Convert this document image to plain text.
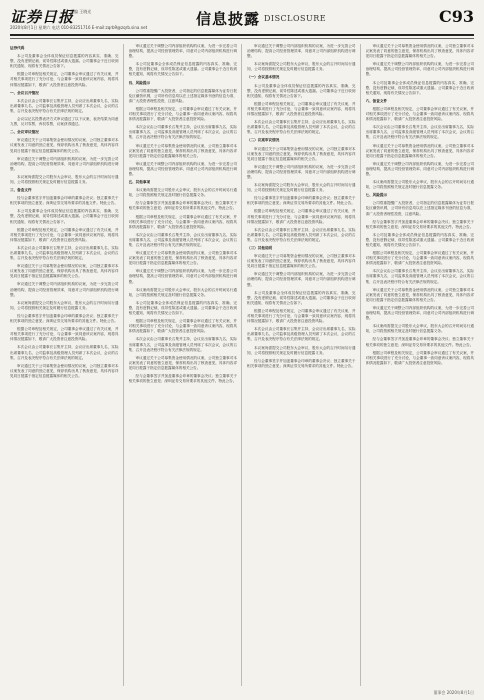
证券日报
责编 王晓光
2020年8月1日 星期六 电话 010-83251716 E-mail:zqrb9@zqrb.sina.net	信息披露 DISCLOSURE	C93

证券代码

本公司及董事会全体成员保证信息披露的内容真实、准确、完整，没有虚假记载、误导性陈述或重大遗漏。公司董事会于近日收到相关通知，现将有关情况公告如下。

根据公司章程及相关规定，公司董事会审议通过了有关议案，并对相关事项进行了充分讨论，与会董事一致同意该议案内容，现将具体情况披露如下，敬请广大投资者注意投资风险。

一、会议召开情况

本次会议由公司董事长召集并主持，会议应出席董事九名，实际出席董事九名，公司监事及高级管理人员列席了本次会议，会议的召集、召开及表决程序符合有关法律法规的规定。

会议以记名投票表决方式审议通过了以下议案，表决结果为同意九票，反对零票，弃权零票，议案获得通过。

二、会议审议情况

审议通过关于公司募集资金使用情况的议案，公司独立董事对本议案发表了同意的独立意见，保荐机构出具了核查意见，具体内容详见同日披露于指定信息披露媒体的相关公告。

审议通过关于调整公司内部组织机构的议案，为进一步完善公司治理结构，提高公司经营管理效率，同意对公司内部组织机构进行调整。

本议案尚需提交公司股东大会审议，股东大会的召开时间另行通知，公司将按照相关规定及时履行信息披露义务。

三、备查文件

经与会董事签字并加盖董事会印章的董事会决议；独立董事关于相关事项的独立意见；深圳证券交易所要求的其他文件。特此公告。

本公司及董事会全体成员保证信息披露的内容真实、准确、完整，没有虚假记载、误导性陈述或重大遗漏。公司董事会于近日收到相关通知，现将有关情况公告如下。

根据公司章程及相关规定，公司董事会审议通过了有关议案，并对相关事项进行了充分讨论，与会董事一致同意该议案内容，现将具体情况披露如下，敬请广大投资者注意投资风险。

本次会议由公司董事长召集并主持，会议应出席董事九名，实际出席董事九名，公司监事及高级管理人员列席了本次会议，会议的召集、召开及表决程序符合有关法律法规的规定。

审议通过关于公司募集资金使用情况的议案，公司独立董事对本议案发表了同意的独立意见，保荐机构出具了核查意见，具体内容详见同日披露于指定信息披露媒体的相关公告。

审议通过关于调整公司内部组织机构的议案，为进一步完善公司治理结构，提高公司经营管理效率，同意对公司内部组织机构进行调整。

本议案尚需提交公司股东大会审议，股东大会的召开时间另行通知，公司将按照相关规定及时履行信息披露义务。

经与会董事签字并加盖董事会印章的董事会决议；独立董事关于相关事项的独立意见；深圳证券交易所要求的其他文件。特此公告。

根据公司章程及相关规定，公司董事会审议通过了有关议案，并对相关事项进行了充分讨论，与会董事一致同意该议案内容，现将具体情况披露如下，敬请广大投资者注意投资风险。

本次会议由公司董事长召集并主持，会议应出席董事九名，实际出席董事九名，公司监事及高级管理人员列席了本次会议，会议的召集、召开及表决程序符合有关法律法规的规定。

审议通过关于公司募集资金使用情况的议案，公司独立董事对本议案发表了同意的独立意见，保荐机构出具了核查意见，具体内容详见同日披露于指定信息披露媒体的相关公告。

审议通过关于调整公司内部组织机构的议案，为进一步完善公司治理结构，提高公司经营管理效率，同意对公司内部组织机构进行调整。

本公司及董事会全体成员保证信息披露的内容真实、准确、完整，没有虚假记载、误导性陈述或重大遗漏。公司董事会于近日收到相关通知，现将有关情况公告如下。

四、风险提示

公司郑重提醒广大投资者，公司指定的信息披露媒体为证券日报及巨潮资讯网，公司所有信息均以在上述指定媒体刊登的信息为准，请广大投资者理性投资，注意风险。

根据公司章程及相关规定，公司董事会审议通过了有关议案，并对相关事项进行了充分讨论，与会董事一致同意该议案内容，现将具体情况披露如下，敬请广大投资者注意投资风险。

本次会议由公司董事长召集并主持，会议应出席董事九名，实际出席董事九名，公司监事及高级管理人员列席了本次会议，会议的召集、召开及表决程序符合有关法律法规的规定。

审议通过关于公司募集资金使用情况的议案，公司独立董事对本议案发表了同意的独立意见，保荐机构出具了核查意见，具体内容详见同日披露于指定信息披露媒体的相关公告。

审议通过关于调整公司内部组织机构的议案，为进一步完善公司治理结构，提高公司经营管理效率，同意对公司内部组织机构进行调整。

五、其他事项

本议案尚需提交公司股东大会审议，股东大会的召开时间另行通知，公司将按照相关规定及时履行信息披露义务。

经与会董事签字并加盖董事会印章的董事会决议；独立董事关于相关事项的独立意见；深圳证券交易所要求的其他文件。特此公告。

根据公司章程及相关规定，公司董事会审议通过了有关议案，并对相关事项进行了充分讨论，与会董事一致同意该议案内容，现将具体情况披露如下，敬请广大投资者注意投资风险。

本次会议由公司董事长召集并主持，会议应出席董事九名，实际出席董事九名，公司监事及高级管理人员列席了本次会议，会议的召集、召开及表决程序符合有关法律法规的规定。

审议通过关于公司募集资金使用情况的议案，公司独立董事对本议案发表了同意的独立意见，保荐机构出具了核查意见，具体内容详见同日披露于指定信息披露媒体的相关公告。

审议通过关于调整公司内部组织机构的议案，为进一步完善公司治理结构，提高公司经营管理效率，同意对公司内部组织机构进行调整。

本议案尚需提交公司股东大会审议，股东大会的召开时间另行通知，公司将按照相关规定及时履行信息披露义务。

本公司及董事会全体成员保证信息披露的内容真实、准确、完整，没有虚假记载、误导性陈述或重大遗漏。公司董事会于近日收到相关通知，现将有关情况公告如下。

根据公司章程及相关规定，公司董事会审议通过了有关议案，并对相关事项进行了充分讨论，与会董事一致同意该议案内容，现将具体情况披露如下，敬请广大投资者注意投资风险。

本次会议由公司董事长召集并主持，会议应出席董事九名，实际出席董事九名，公司监事及高级管理人员列席了本次会议，会议的召集、召开及表决程序符合有关法律法规的规定。

审议通过关于公司募集资金使用情况的议案，公司独立董事对本议案发表了同意的独立意见，保荐机构出具了核查意见，具体内容详见同日披露于指定信息披露媒体的相关公告。

经与会董事签字并加盖董事会印章的董事会决议；独立董事关于相关事项的独立意见；深圳证券交易所要求的其他文件。特此公告。

审议通过关于调整公司内部组织机构的议案，为进一步完善公司治理结构，提高公司经营管理效率，同意对公司内部组织机构进行调整。

本议案尚需提交公司股东大会审议，股东大会的召开时间另行通知，公司将按照相关规定及时履行信息披露义务。

（一）会议基本情况

本公司及董事会全体成员保证信息披露的内容真实、准确、完整，没有虚假记载、误导性陈述或重大遗漏。公司董事会于近日收到相关通知，现将有关情况公告如下。

根据公司章程及相关规定，公司董事会审议通过了有关议案，并对相关事项进行了充分讨论，与会董事一致同意该议案内容，现将具体情况披露如下，敬请广大投资者注意投资风险。

本次会议由公司董事长召集并主持，会议应出席董事九名，实际出席董事九名，公司监事及高级管理人员列席了本次会议，会议的召集、召开及表决程序符合有关法律法规的规定。

（二）议案审议情况

审议通过关于公司募集资金使用情况的议案，公司独立董事对本议案发表了同意的独立意见，保荐机构出具了核查意见，具体内容详见同日披露于指定信息披露媒体的相关公告。

审议通过关于调整公司内部组织机构的议案，为进一步完善公司治理结构，提高公司经营管理效率，同意对公司内部组织机构进行调整。

本议案尚需提交公司股东大会审议，股东大会的召开时间另行通知，公司将按照相关规定及时履行信息披露义务。

经与会董事签字并加盖董事会印章的董事会决议；独立董事关于相关事项的独立意见；深圳证券交易所要求的其他文件。特此公告。

根据公司章程及相关规定，公司董事会审议通过了有关议案，并对相关事项进行了充分讨论，与会董事一致同意该议案内容，现将具体情况披露如下，敬请广大投资者注意投资风险。

本次会议由公司董事长召集并主持，会议应出席董事九名，实际出席董事九名，公司监事及高级管理人员列席了本次会议，会议的召集、召开及表决程序符合有关法律法规的规定。

（三）其他说明

审议通过关于公司募集资金使用情况的议案，公司独立董事对本议案发表了同意的独立意见，保荐机构出具了核查意见，具体内容详见同日披露于指定信息披露媒体的相关公告。

审议通过关于调整公司内部组织机构的议案，为进一步完善公司治理结构，提高公司经营管理效率，同意对公司内部组织机构进行调整。

本公司及董事会全体成员保证信息披露的内容真实、准确、完整，没有虚假记载、误导性陈述或重大遗漏。公司董事会于近日收到相关通知，现将有关情况公告如下。

根据公司章程及相关规定，公司董事会审议通过了有关议案，并对相关事项进行了充分讨论，与会董事一致同意该议案内容，现将具体情况披露如下，敬请广大投资者注意投资风险。

本次会议由公司董事长召集并主持，会议应出席董事九名，实际出席董事九名，公司监事及高级管理人员列席了本次会议，会议的召集、召开及表决程序符合有关法律法规的规定。

本议案尚需提交公司股东大会审议，股东大会的召开时间另行通知，公司将按照相关规定及时履行信息披露义务。

经与会董事签字并加盖董事会印章的董事会决议；独立董事关于相关事项的独立意见；深圳证券交易所要求的其他文件。特此公告。

审议通过关于公司募集资金使用情况的议案，公司独立董事对本议案发表了同意的独立意见，保荐机构出具了核查意见，具体内容详见同日披露于指定信息披露媒体的相关公告。

审议通过关于调整公司内部组织机构的议案，为进一步完善公司治理结构，提高公司经营管理效率，同意对公司内部组织机构进行调整。

本公司及董事会全体成员保证信息披露的内容真实、准确、完整，没有虚假记载、误导性陈述或重大遗漏。公司董事会于近日收到相关通知，现将有关情况公告如下。

六、备查文件

根据公司章程及相关规定，公司董事会审议通过了有关议案，并对相关事项进行了充分讨论，与会董事一致同意该议案内容，现将具体情况披露如下，敬请广大投资者注意投资风险。

本次会议由公司董事长召集并主持，会议应出席董事九名，实际出席董事九名，公司监事及高级管理人员列席了本次会议，会议的召集、召开及表决程序符合有关法律法规的规定。

审议通过关于公司募集资金使用情况的议案，公司独立董事对本议案发表了同意的独立意见，保荐机构出具了核查意见，具体内容详见同日披露于指定信息披露媒体的相关公告。

审议通过关于调整公司内部组织机构的议案，为进一步完善公司治理结构，提高公司经营管理效率，同意对公司内部组织机构进行调整。

本议案尚需提交公司股东大会审议，股东大会的召开时间另行通知，公司将按照相关规定及时履行信息披露义务。

七、风险提示

公司郑重提醒广大投资者，公司指定的信息披露媒体为证券日报及巨潮资讯网，公司所有信息均以在上述指定媒体刊登的信息为准，请广大投资者理性投资，注意风险。

经与会董事签字并加盖董事会印章的董事会决议；独立董事关于相关事项的独立意见；深圳证券交易所要求的其他文件。特此公告。

本公司及董事会全体成员保证信息披露的内容真实、准确、完整，没有虚假记载、误导性陈述或重大遗漏。公司董事会于近日收到相关通知，现将有关情况公告如下。

根据公司章程及相关规定，公司董事会审议通过了有关议案，并对相关事项进行了充分讨论，与会董事一致同意该议案内容，现将具体情况披露如下，敬请广大投资者注意投资风险。

本次会议由公司董事长召集并主持，会议应出席董事九名，实际出席董事九名，公司监事及高级管理人员列席了本次会议，会议的召集、召开及表决程序符合有关法律法规的规定。

审议通过关于公司募集资金使用情况的议案，公司独立董事对本议案发表了同意的独立意见，保荐机构出具了核查意见，具体内容详见同日披露于指定信息披露媒体的相关公告。

审议通过关于调整公司内部组织机构的议案，为进一步完善公司治理结构，提高公司经营管理效率，同意对公司内部组织机构进行调整。

本议案尚需提交公司股东大会审议，股东大会的召开时间另行通知，公司将按照相关规定及时履行信息披露义务。

经与会董事签字并加盖董事会印章的董事会决议；独立董事关于相关事项的独立意见；深圳证券交易所要求的其他文件。特此公告。

根据公司章程及相关规定，公司董事会审议通过了有关议案，并对相关事项进行了充分讨论，与会董事一致同意该议案内容，现将具体情况披露如下，敬请广大投资者注意投资风险。

董事会 2020年8月1日
